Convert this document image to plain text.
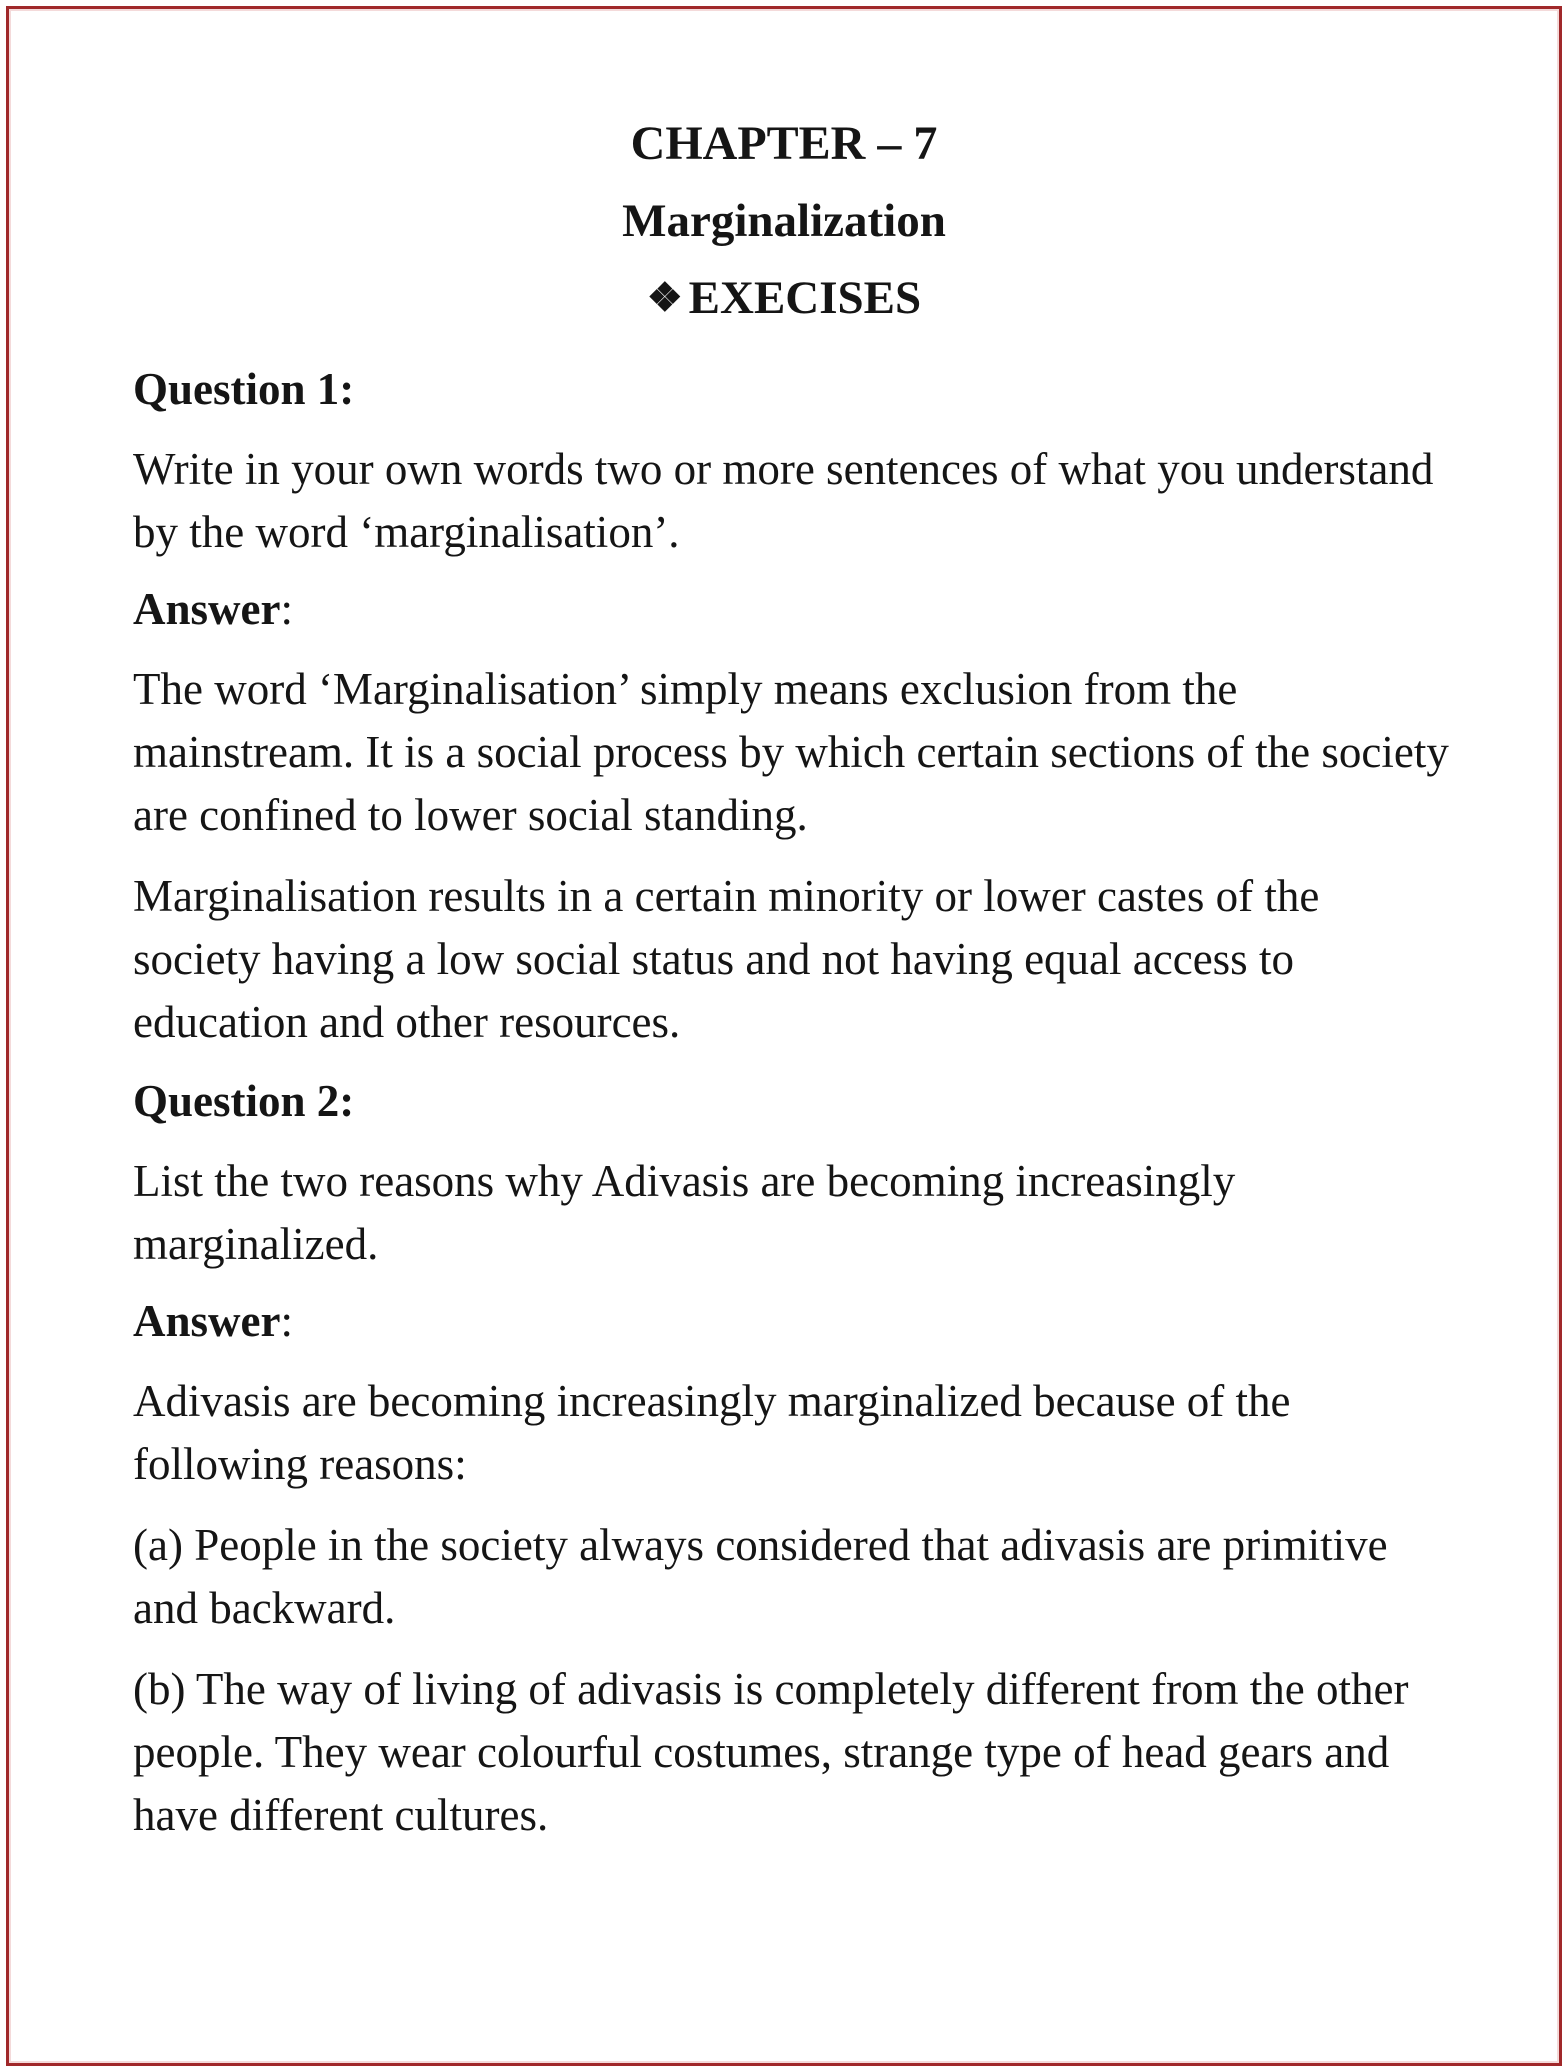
CHAPTER – 7
Marginalization
❖ EXECISES
Question 1:

Write in your own words two or more sentences of what you understand by the word ‘marginalisation’.

Answer:

The word ‘Marginalisation’ simply means exclusion from the mainstream. It is a social process by which certain sections of the society are confined to lower social standing.

Marginalisation results in a certain minority or lower castes of the society having a low social status and not having equal access to education and other resources.

Question 2:

List the two reasons why Adivasis are becoming increasingly marginalized.

Answer:

Adivasis are becoming increasingly marginalized because of the following reasons:

(a) People in the society always considered that adivasis are primitive and backward.

(b) The way of living of adivasis is completely different from the other people. They wear colourful costumes, strange type of head gears and have different cultures.
